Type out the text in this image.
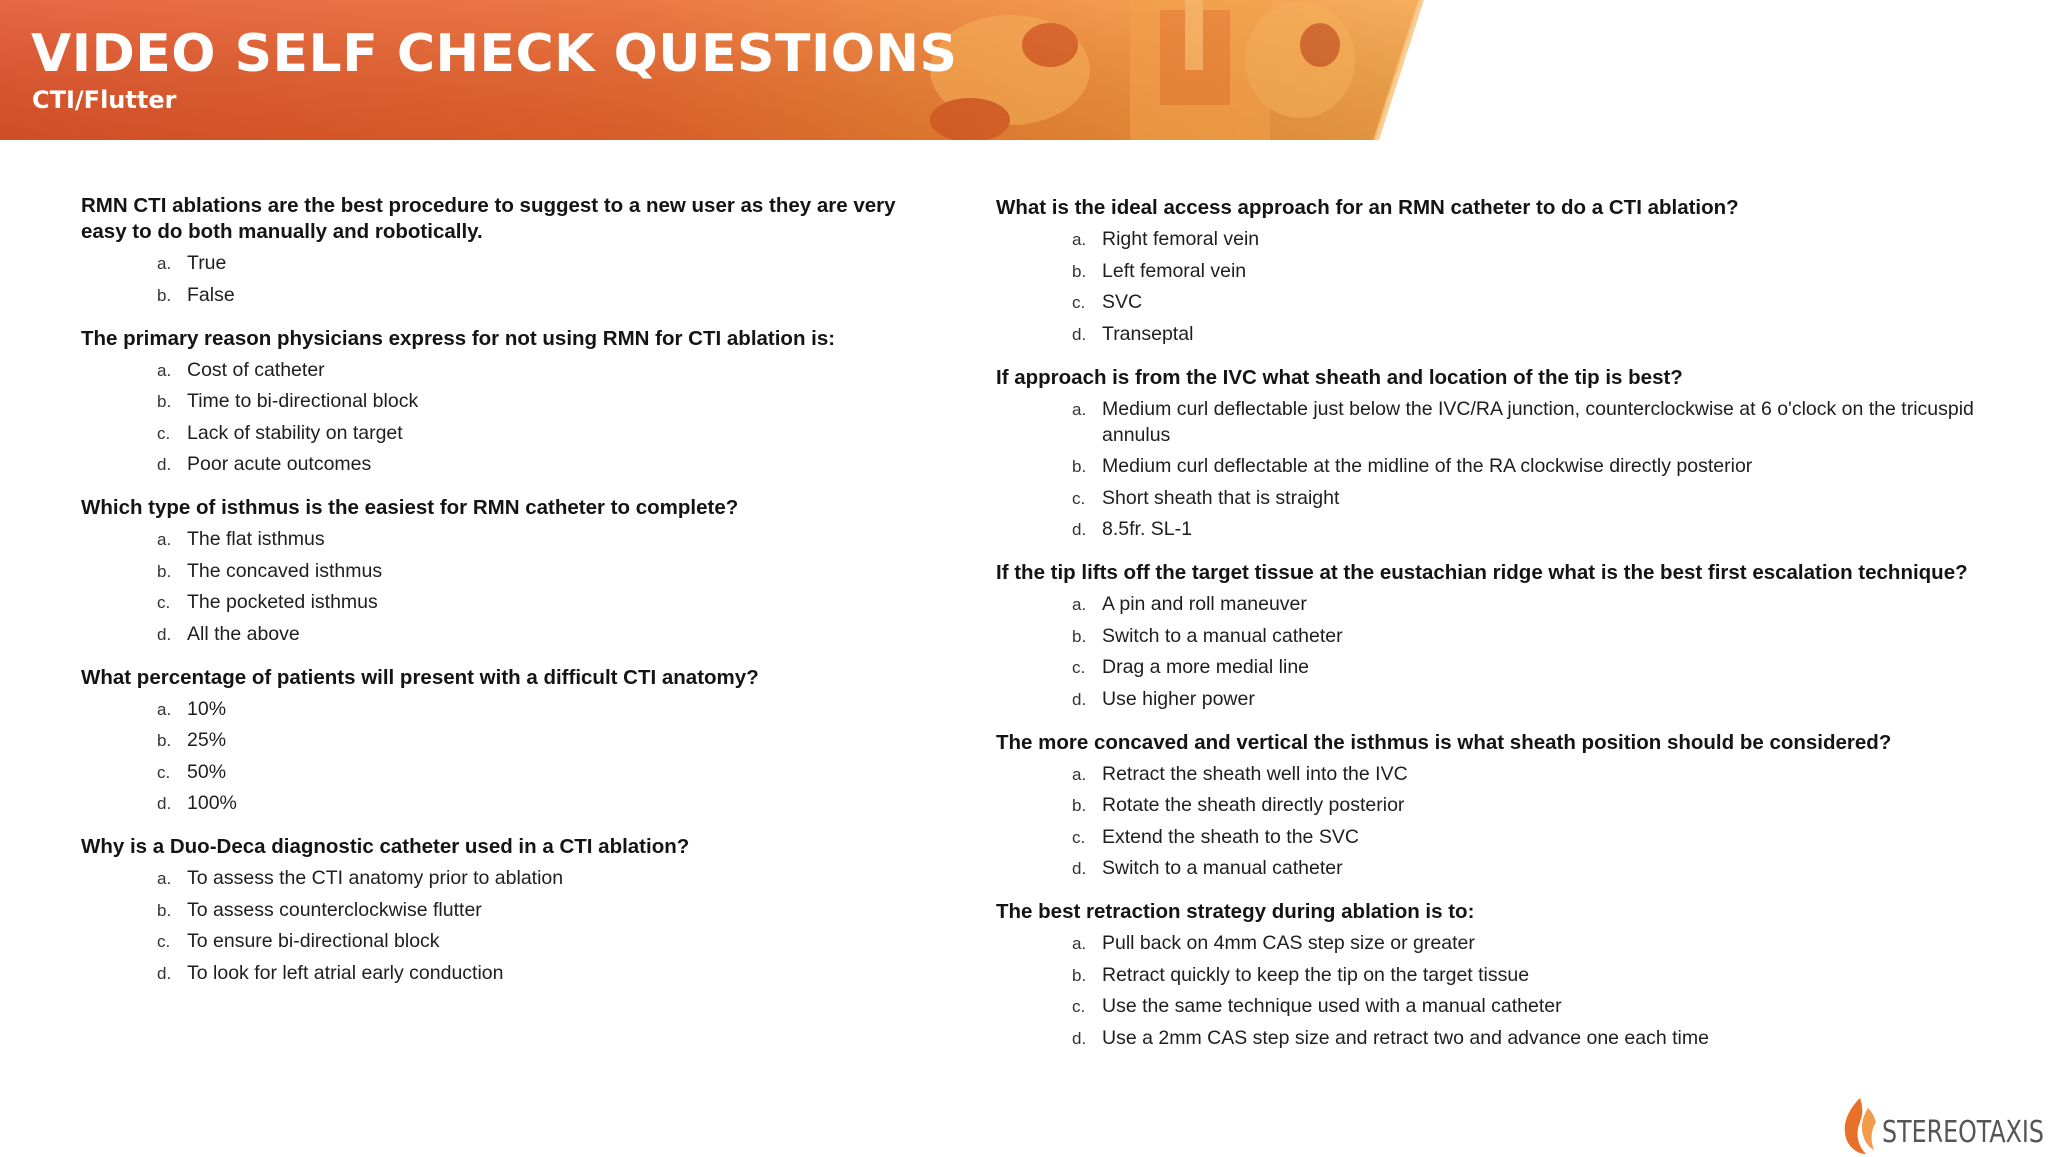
VIDEO SELF CHECK QUESTIONS
CTI/Flutter
RMN CTI ablations are the best procedure to suggest to a new user as they are very easy to do both manually and robotically.
a. True
b. False
The primary reason physicians express for not using RMN for CTI ablation is:
a. Cost of catheter
b. Time to bi-directional block
c. Lack of stability on target
d. Poor acute outcomes
Which type of isthmus is the easiest for RMN catheter to complete?
a. The flat isthmus
b. The concaved isthmus
c. The pocketed isthmus
d. All the above
What percentage of patients will present with a difficult CTI anatomy?
a. 10%
b. 25%
c. 50%
d. 100%
Why is a Duo-Deca diagnostic catheter used in a CTI ablation?
a. To assess the CTI anatomy prior to ablation
b. To assess counterclockwise flutter
c. To ensure bi-directional block
d. To look for left atrial early conduction
What is the ideal access approach for an RMN catheter to do a CTI ablation?
a. Right femoral vein
b. Left femoral vein
c. SVC
d. Transeptal
If approach is from the IVC what sheath and location of the tip is best?
a. Medium curl deflectable just below the IVC/RA junction, counterclockwise at 6 o'clock on the tricuspid annulus
b. Medium curl deflectable at the midline of the RA clockwise directly posterior
c. Short sheath that is straight
d. 8.5fr. SL-1
If the tip lifts off the target tissue at the eustachian ridge what is the best first escalation technique?
a. A pin and roll maneuver
b. Switch to a manual catheter
c. Drag a more medial line
d. Use higher power
The more concaved and vertical the isthmus is what sheath position should be considered?
a. Retract the sheath well into the IVC
b. Rotate the sheath directly posterior
c. Extend the sheath to the SVC
d. Switch to a manual catheter
The best retraction strategy during ablation is to:
a. Pull back on 4mm CAS step size or greater
b. Retract quickly to keep the tip on the target tissue
c. Use the same technique used with a manual catheter
d. Use a 2mm CAS step size and retract two and advance one each time
STEREOTAXIS
